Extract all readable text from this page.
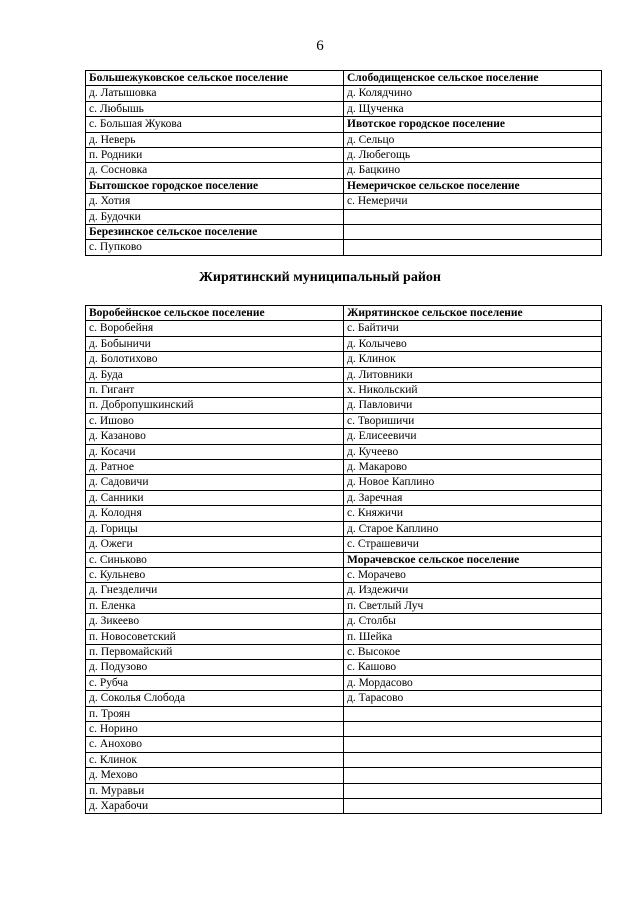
6
Большежуковское сельское поселение	Слободищенское сельское поселение
д. Латышовка	д. Колядчино
с. Любышь	д. Щученка
с. Большая Жукова	Ивотское городское поселение
д. Неверь	д. Сельцо
п. Родники	д. Любегощь
д. Сосновка	д. Бацкино
Бытошское городское поселение	Немеричское сельское поселение
д. Хотия	с. Немеричи
д. Будочки	
Березинское сельское поселение	
с. Пупково	
Жирятинский муниципальный район
Воробейнское сельское поселение	Жирятинское сельское поселение
с. Воробейня	с. Байтичи
д. Бобыничи	д. Колычево
д. Болотихово	д. Клинок
д. Буда	д. Литовники
п. Гигант	х. Никольский
п. Добропушкинский	д. Павловичи
с. Ишово	с. Творишичи
д. Казаново	д. Елисеевичи
д. Косачи	д. Кучеево
д. Ратное	д. Макарово
д. Садовичи	д. Новое Каплино
д. Санники	д. Заречная
д. Колодня	с. Княжичи
д. Горицы	д. Старое Каплино
д. Ожеги	с. Страшевичи
с. Синьково	Морачевское сельское поселение
с. Кульнево	с. Морачево
д. Гнезделичи	д. Издежичи
п. Еленка	п. Светлый Луч
д. Зикеево	д. Столбы
п. Новосоветский	п. Шейка
п. Первомайский	с. Высокое
д. Подузово	с. Кашово
с. Рубча	д. Мордасово
д. Соколья Слобода	д. Тарасово
п. Троян	
с. Норино	
с. Анохово	
с. Клинок	
д. Мехово	
п. Муравьи	
д. Харабочи	
